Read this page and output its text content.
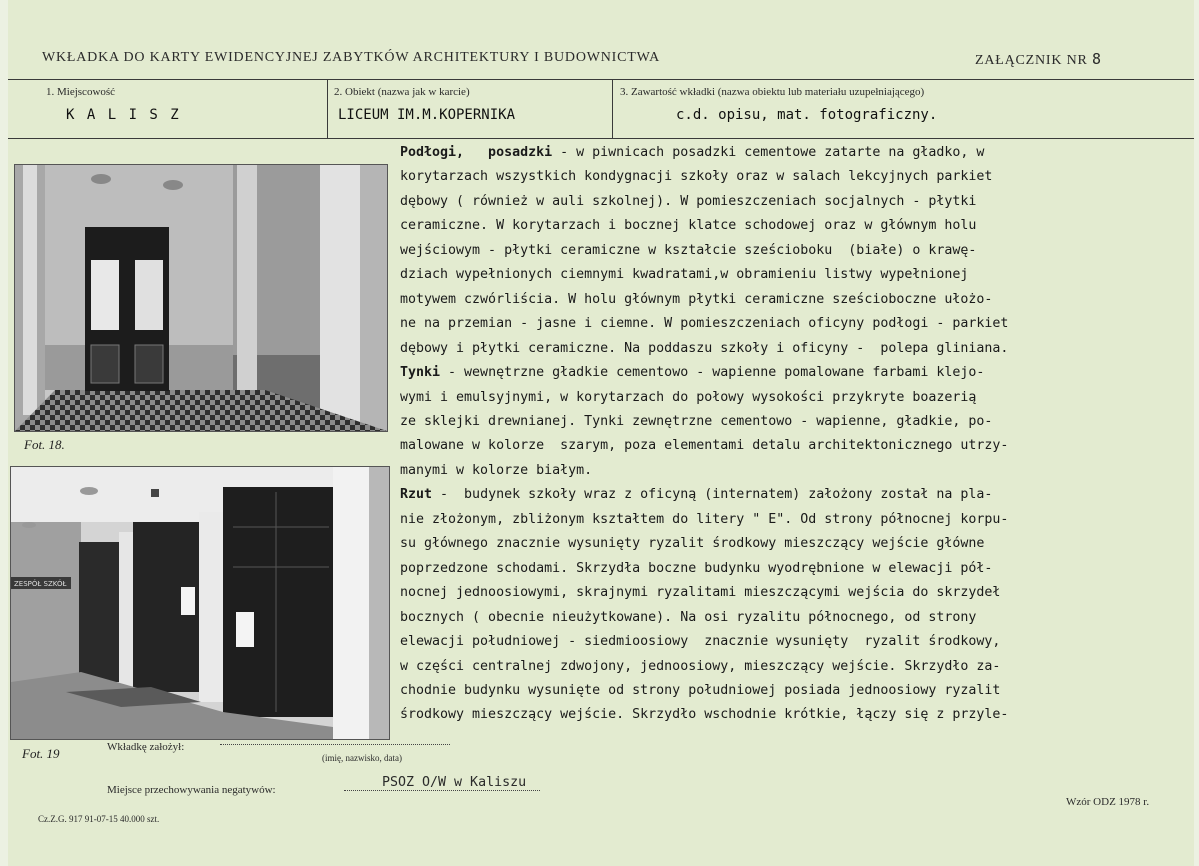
WKŁADKA DO KARTY EWIDENCYJNEJ ZABYTKÓW ARCHITEKTURY I BUDOWNICTWA	ZAŁĄCZNIK NR 8
1. Miejscowość
K A L I S Z
2. Obiekt (nazwa jak w karcie)
LICEUM IM.M.KOPERNIKA
3. Zawartość wkładki (nazwa obiektu lub materiału uzupełniającego)
c.d. opisu, mat. fotograficzny.
Fot. 18.
ZESPÓŁ SZKÓŁ
Fot. 19
Podłogi,   posadzki - w piwnicach posadzki cementowe zatarte na gładko, w
korytarzach wszystkich kondygnacji szkoły oraz w salach lekcyjnych parkiet
dębowy ( również w auli szkolnej). W pomieszczeniach socjalnych - płytki
ceramiczne. W korytarzach i bocznej klatce schodowej oraz w głównym holu
wejściowym - płytki ceramiczne w kształcie sześcioboku  (białe) o krawę-
dziach wypełnionych ciemnymi kwadratami,w obramieniu listwy wypełnionej
motywem czwórliścia. W holu głównym płytki ceramiczne sześcioboczne ułożo-
ne na przemian - jasne i ciemne. W pomieszczeniach oficyny podłogi - parkiet
dębowy i płytki ceramiczne. Na poddaszu szkoły i oficyny -  polepa gliniana.
Tynki - wewnętrzne gładkie cementowo - wapienne pomalowane farbami klejo-
wymi i emulsyjnymi, w korytarzach do połowy wysokości przykryte boazerią
ze sklejki drewnianej. Tynki zewnętrzne cementowo - wapienne, gładkie, po-
malowane w kolorze  szarym, poza elementami detalu architektonicznego utrzy-
manymi w kolorze białym.
Rzut -  budynek szkoły wraz z oficyną (internatem) założony został na pla-
nie złożonym, zbliżonym kształtem do litery " E". Od strony północnej korpu-
su głównego znacznie wysunięty ryzalit środkowy mieszczący wejście główne
poprzedzone schodami. Skrzydła boczne budynku wyodrębnione w elewacji pół-
nocnej jednoosiowymi, skrajnymi ryzalitami mieszczącymi wejścia do skrzydeł
bocznych ( obecnie nieużytkowane). Na osi ryzalitu północnego, od strony
elewacji południowej - siedmioosiowy  znacznie wysunięty  ryzalit środkowy,
w części centralnej zdwojony, jednoosiowy, mieszczący wejście. Skrzydło za-
chodnie budynku wysunięte od strony południowej posiada jednoosiowy ryzalit
środkowy mieszczący wejście. Skrzydło wschodnie krótkie, łączy się z przyle-
Wkładkę założył:
(imię, nazwisko, data)
Miejsce przechowywania negatywów:	PSOZ O/W w Kaliszu
Wzór ODZ 1978 r.
Cz.Z.G. 917 91-07-15 40.000 szt.
